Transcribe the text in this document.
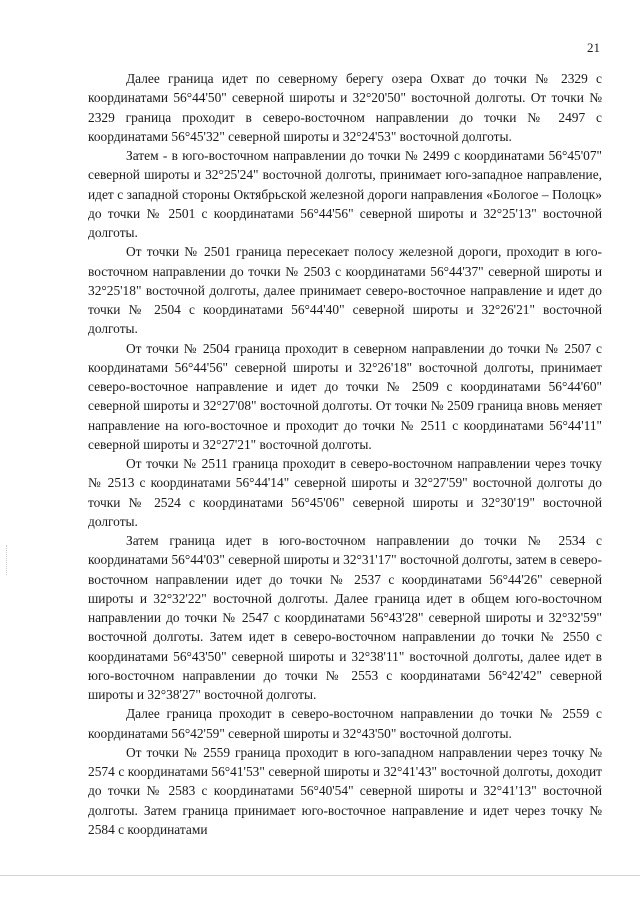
21

Далее граница идет по северному берегу озера Охват до точки № 2329 с координатами 56°44'50" северной широты и 32°20'50" восточной долготы. От точки № 2329 граница проходит в северо-восточном направлении до точки № 2497 с координатами 56°45'32" северной широты и 32°24'53" восточной долготы.

Затем - в юго-восточном направлении до точки № 2499 с координатами 56°45'07" северной широты и 32°25'24" восточной долготы, принимает юго-западное направление, идет с западной стороны Октябрьской железной дороги направления «Бологое – Полоцк» до точки № 2501 с координатами 56°44'56" северной широты и 32°25'13" восточной долготы.

От точки № 2501 граница пересекает полосу железной дороги, проходит в юго-восточном направлении до точки № 2503 с координатами 56°44'37" северной широты и 32°25'18" восточной долготы, далее принимает северо-восточное направление и идет до точки № 2504 с координатами 56°44'40" северной широты и 32°26'21" восточной долготы.

От точки № 2504 граница проходит в северном направлении до точки № 2507 с координатами 56°44'56" северной широты и 32°26'18" восточной долготы, принимает северо-восточное направление и идет до точки № 2509 с координатами 56°44'60" северной широты и 32°27'08" восточной долготы. От точки № 2509 граница вновь меняет направление на юго-восточное и проходит до точки № 2511 с координатами 56°44'11" северной широты и 32°27'21" восточной долготы.

От точки № 2511 граница проходит в северо-восточном направлении через точку № 2513 с координатами 56°44'14" северной широты и 32°27'59" восточной долготы до точки № 2524 с координатами 56°45'06" северной широты и 32°30'19" восточной долготы.

Затем граница идет в юго-восточном направлении до точки № 2534 с координатами 56°44'03" северной широты и 32°31'17" восточной долготы, затем в северо-восточном направлении идет до точки № 2537 с координатами 56°44'26" северной широты и 32°32'22" восточной долготы. Далее граница идет в общем юго-восточном направлении до точки № 2547 с координатами 56°43'28" северной широты и 32°32'59" восточной долготы. Затем идет в северо-восточном направлении до точки № 2550 с координатами 56°43'50" северной широты и 32°38'11" восточной долготы, далее идет в юго-восточном направлении до точки № 2553 с координатами 56°42'42" северной широты и 32°38'27" восточной долготы.

Далее граница проходит в северо-восточном направлении до точки № 2559 с координатами 56°42'59" северной широты и 32°43'50" восточной долготы.

От точки № 2559 граница проходит в юго-западном направлении через точку № 2574 с координатами 56°41'53" северной широты и 32°41'43" восточной долготы, доходит до точки № 2583 с координатами 56°40'54" северной широты и 32°41'13" восточной долготы. Затем граница принимает юго-восточное направление и идет через точку № 2584 с координатами
